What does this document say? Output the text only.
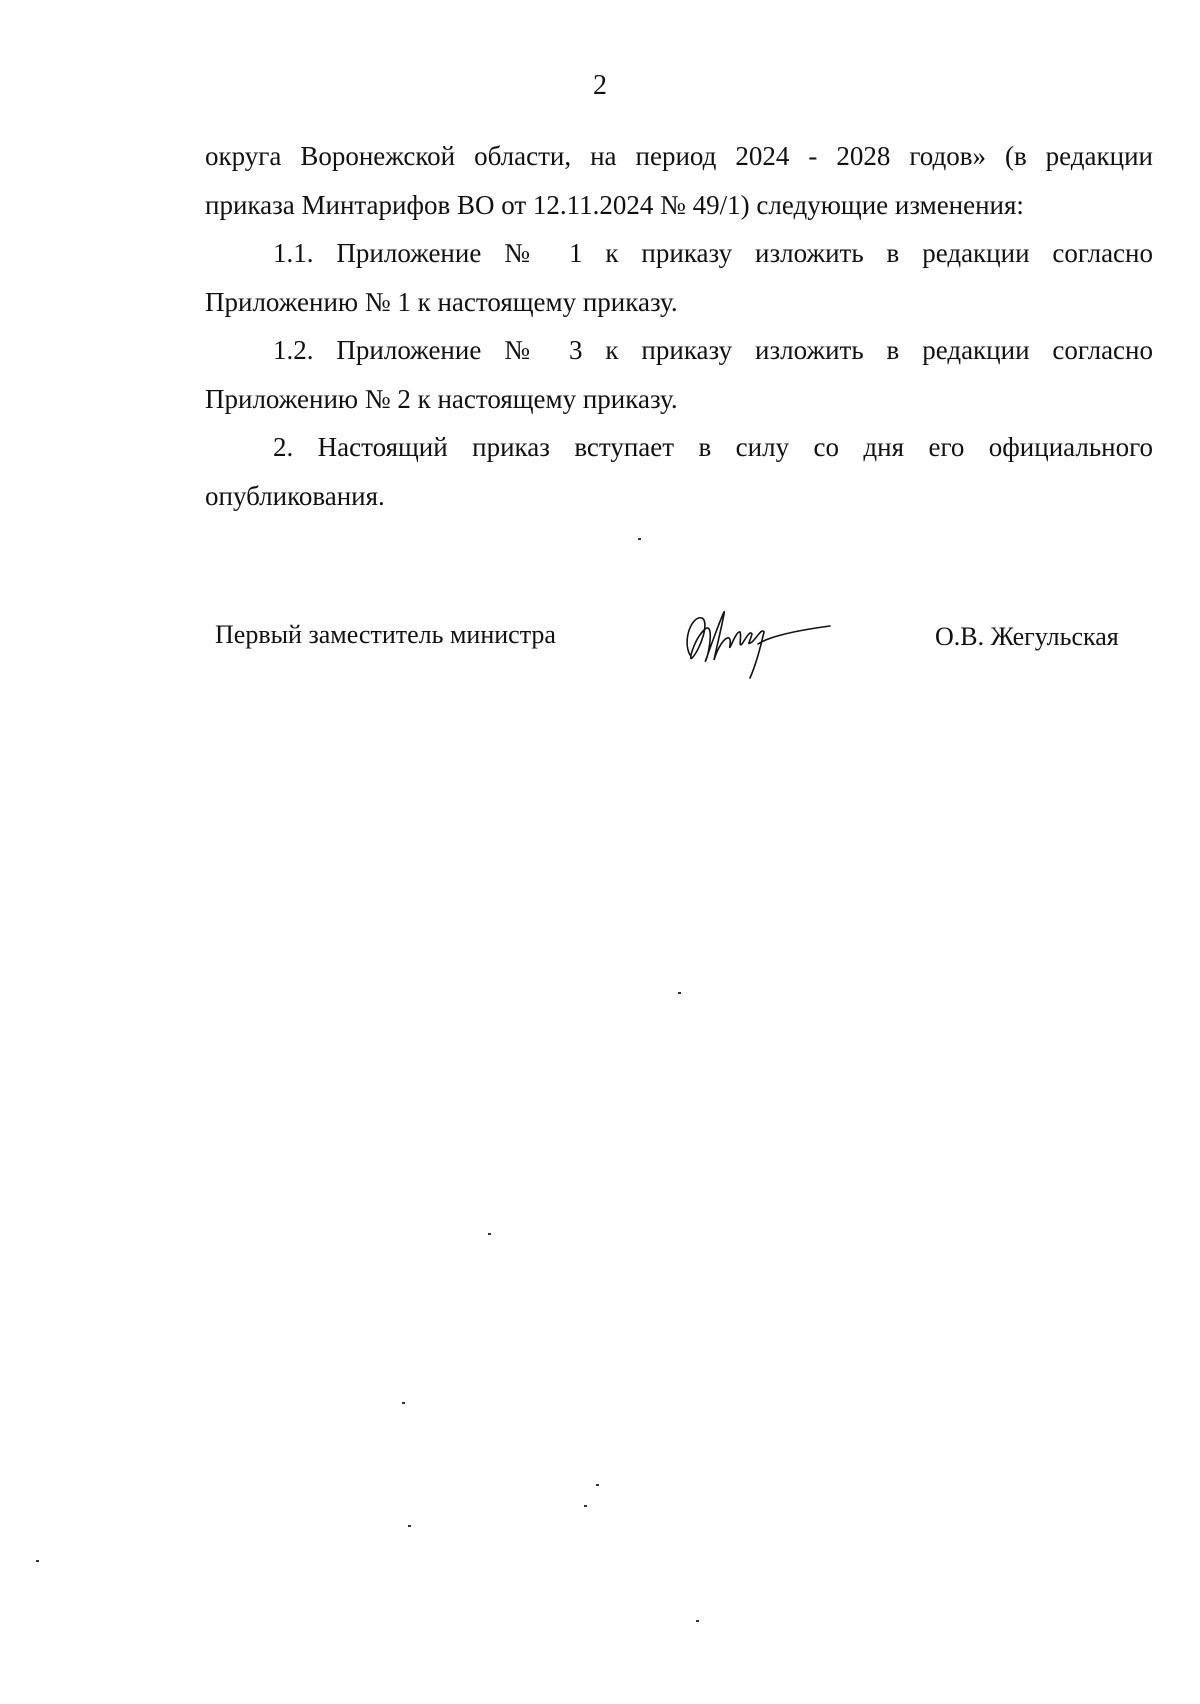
2

округа Воронежской области, на период 2024 - 2028 годов» (в редакции

приказа Минтарифов ВО от 12.11.2024 № 49/1) следующие изменения:

1.1. Приложение № 1 к приказу изложить в редакции согласно

Приложению № 1 к настоящему приказу.

1.2. Приложение № 3 к приказу изложить в редакции согласно

Приложению № 2 к настоящему приказу.

2. Настоящий приказ вступает в силу со дня его официального

опубликования.

Первый заместитель министра	О.В. Жегульская
